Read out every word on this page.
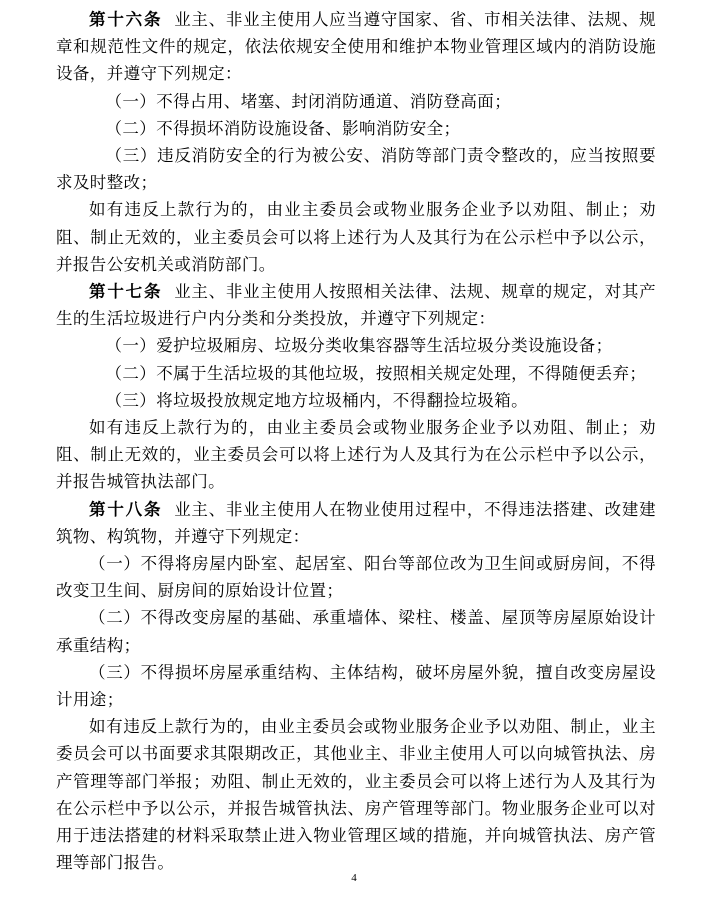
第十六条 业主、非业主使用人应当遵守国家、省、市相关法律、法规、规章和规范性文件的规定，依法依规安全使用和维护本物业管理区域内的消防设施设备，并遵守下列规定：

（一）不得占用、堵塞、封闭消防通道、消防登高面；

（二）不得损坏消防设施设备、影响消防安全；

（三）违反消防安全的行为被公安、消防等部门责令整改的，应当按照要求及时整改；

如有违反上款行为的，由业主委员会或物业服务企业予以劝阻、制止；劝阻、制止无效的，业主委员会可以将上述行为人及其行为在公示栏中予以公示，并报告公安机关或消防部门。

第十七条 业主、非业主使用人按照相关法律、法规、规章的规定，对其产生的生活垃圾进行户内分类和分类投放，并遵守下列规定：

（一）爱护垃圾厢房、垃圾分类收集容器等生活垃圾分类设施设备；

（二）不属于生活垃圾的其他垃圾，按照相关规定处理，不得随便丢弃；

（三）将垃圾投放规定地方垃圾桶内，不得翻捡垃圾箱。

如有违反上款行为的，由业主委员会或物业服务企业予以劝阻、制止；劝阻、制止无效的，业主委员会可以将上述行为人及其行为在公示栏中予以公示，并报告城管执法部门。

第十八条 业主、非业主使用人在物业使用过程中，不得违法搭建、改建建筑物、构筑物，并遵守下列规定：

（一）不得将房屋内卧室、起居室、阳台等部位改为卫生间或厨房间，不得改变卫生间、厨房间的原始设计位置；

（二）不得改变房屋的基础、承重墙体、梁柱、楼盖、屋顶等房屋原始设计承重结构；

（三）不得损坏房屋承重结构、主体结构，破坏房屋外貌，擅自改变房屋设计用途；

如有违反上款行为的，由业主委员会或物业服务企业予以劝阻、制止，业主委员会可以书面要求其限期改正，其他业主、非业主使用人可以向城管执法、房产管理等部门举报；劝阻、制止无效的，业主委员会可以将上述行为人及其行为在公示栏中予以公示，并报告城管执法、房产管理等部门。物业服务企业可以对用于违法搭建的材料采取禁止进入物业管理区域的措施，并向城管执法、房产管理等部门报告。

4
